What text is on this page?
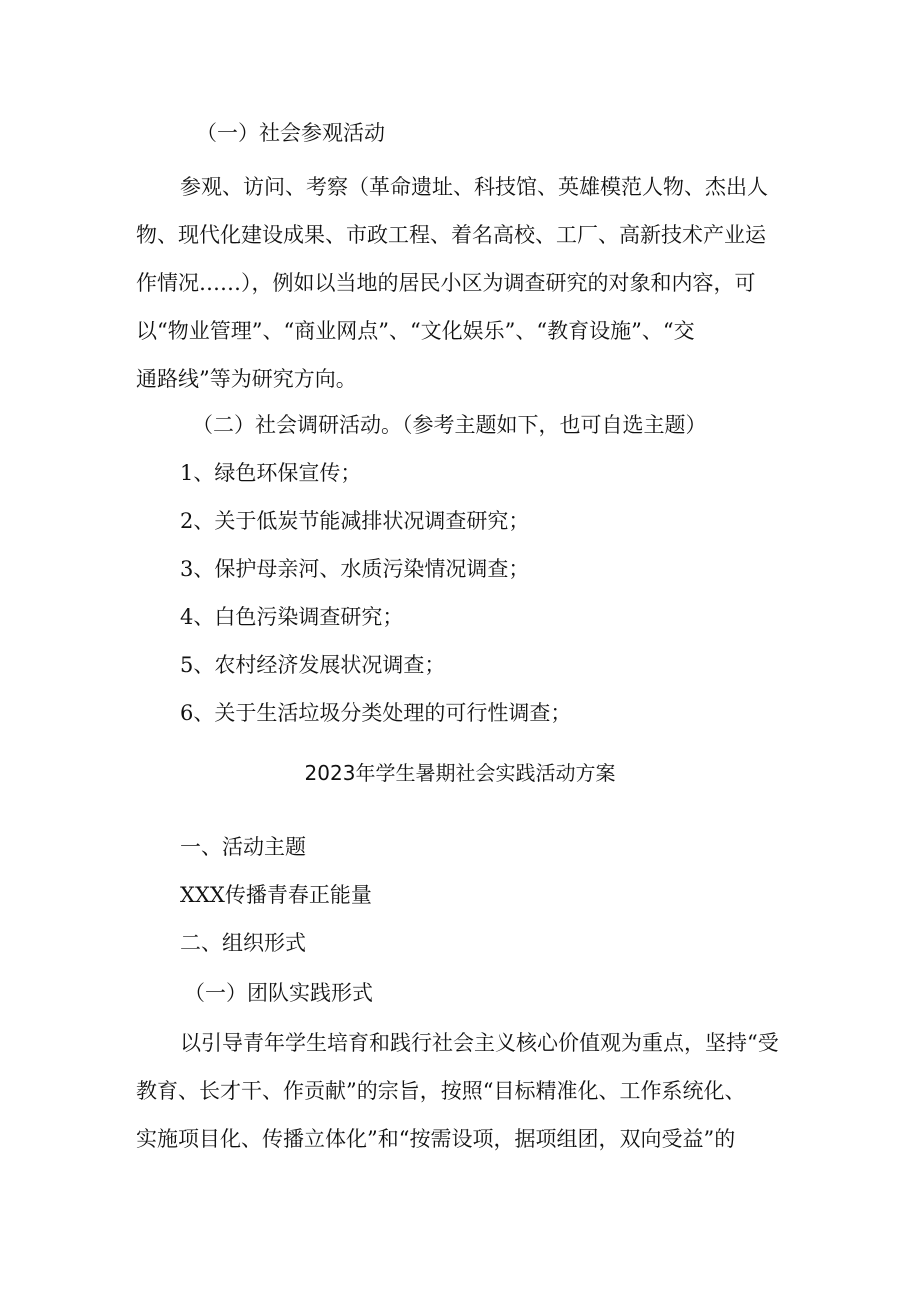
（一）社会参观活动
参观、访问、考察（革命遗址、科技馆、英雄模范人物、杰出人
物、现代化建设成果、市政工程、着名高校、工厂、高新技术产业运
作情况……），例如以当地的居民小区为调查研究的对象和内容，可
以“物业管理”、“商业网点”、“文化娱乐”、“教育设施”、“交
通路线”等为研究方向。
（二）社会调研活动。（参考主题如下，也可自选主题）
1、绿色环保宣传；
2、关于低炭节能减排状况调查研究；
3、保护母亲河、水质污染情况调查；
4、白色污染调查研究；
5、农村经济发展状况调查；
6、关于生活垃圾分类处理的可行性调查；
2023年学生暑期社会实践活动方案
一、活动主题
XXX传播青春正能量
二、组织形式
（一）团队实践形式
以引导青年学生培育和践行社会主义核心价值观为重点，坚持“受
教育、长才干、作贡献”的宗旨，按照“目标精准化、工作系统化、
实施项目化、传播立体化”和“按需设项，据项组团，双向受益”的
